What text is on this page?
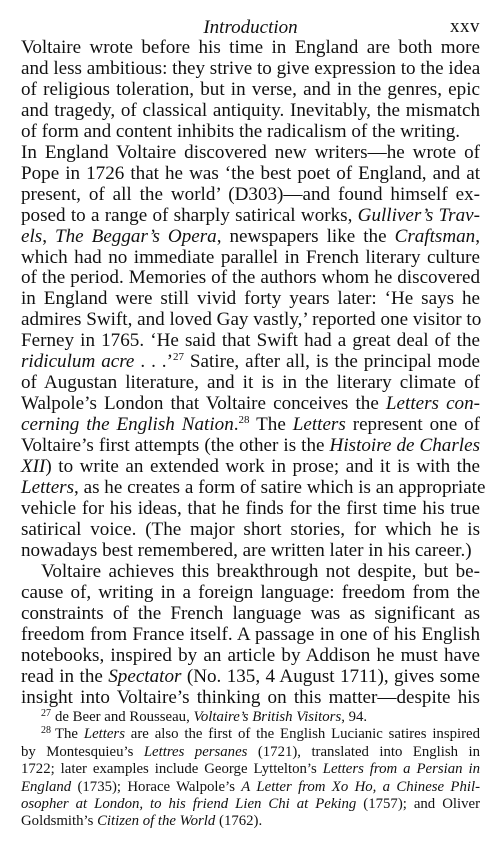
Introduction	xxv

Voltaire wrote before his time in England are both more
and less ambitious: they strive to give expression to the idea
of religious toleration, but in verse, and in the genres, epic
and tragedy, of classical antiquity. Inevitably, the mismatch
of form and content inhibits the radicalism of the writing.

In England Voltaire discovered new writers—he wrote of
Pope in 1726 that he was ‘the best poet of England, and at
present, of all the world’ (D303)—and found himself ex-
posed to a range of sharply satirical works, Gulliver’s Trav-
els, The Beggar’s Opera, newspapers like the Craftsman,
which had no immediate parallel in French literary culture
of the period. Memories of the authors whom he discovered
in England were still vivid forty years later: ‘He says he
admires Swift, and loved Gay vastly,’ reported one visitor to
Ferney in 1765. ‘He said that Swift had a great deal of the
ridiculum acre . . .’$^{27}$ Satire, after all, is the principal mode
of Augustan literature, and it is in the literary climate of
Walpole’s London that Voltaire conceives the Letters con-
cerning the English Nation.$^{28}$ The Letters represent one of
Voltaire’s first attempts (the other is the Histoire de Charles
XII) to write an extended work in prose; and it is with the
Letters, as he creates a form of satire which is an appropriate
vehicle for his ideas, that he finds for the first time his true
satirical voice. (The major short stories, for which he is
nowadays best remembered, are written later in his career.)

Voltaire achieves this breakthrough not despite, but be-
cause of, writing in a foreign language: freedom from the
constraints of the French language was as significant as
freedom from France itself. A passage in one of his English
notebooks, inspired by an article by Addison he must have
read in the Spectator (No. 135, 4 August 1711), gives some
insight into Voltaire’s thinking on this matter—despite his

$^{27}$ de Beer and Rousseau, Voltaire’s British Visitors, 94.
$^{28}$ The Letters are also the first of the English Lucianic satires inspired
by Montesquieu’s Lettres persanes (1721), translated into English in
1722; later examples include George Lyttelton’s Letters from a Persian in
England (1735); Horace Walpole’s A Letter from Xo Ho, a Chinese Phil-
osopher at London, to his friend Lien Chi at Peking (1757); and Oliver
Goldsmith’s Citizen of the World (1762).
